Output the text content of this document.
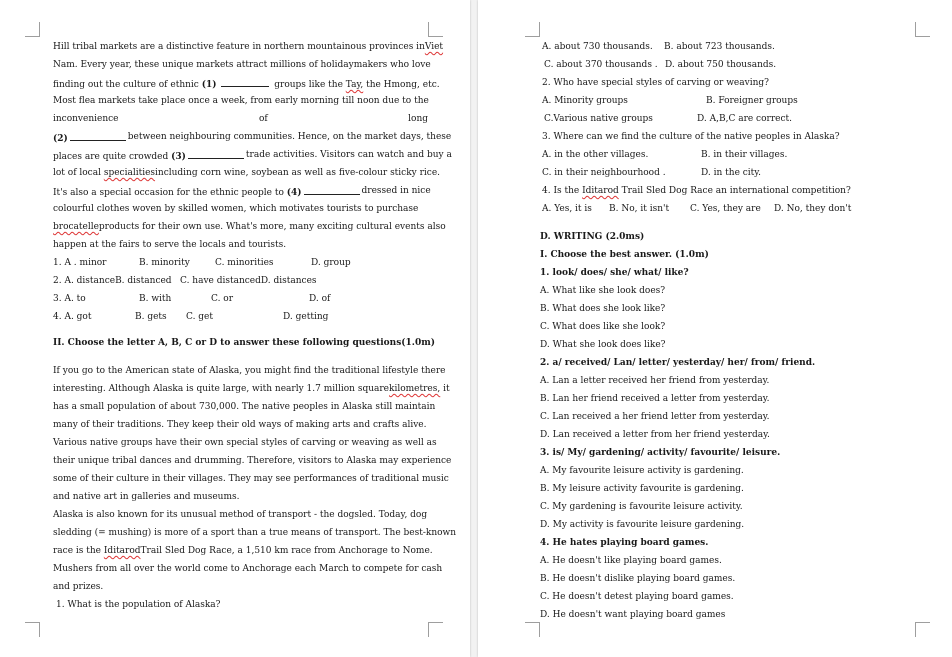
Hill tribal markets are a distinctive feature in northern mountainous provinces in Viet
Nam. Every year, these unique markets attract millions of holidaymakers who love
finding out the culture of ethnic (1)	groups like the Tay, the Hmong, etc.
Most flea markets take place once a week, from early morning till noon due to the
inconvenience	of	long
(2)	between neighbouring communities. Hence, on the market days, these
places are quite crowded (3)	trade activities. Visitors can watch and buy a
lot of local specialities including corn wine, soybean as well as five-colour sticky rice.
It's also a special occasion for the ethnic people to (4)	dressed in nice
colourful clothes woven by skilled women, which motivates tourists to purchase
brocatelle products for their own use. What's more, many exciting cultural events also
happen at the fairs to serve the locals and tourists.
1. A . minor	B. minority	C. minorities	D. group
2. A. distanceB. distanced C. have distancedD. distances
3. A. to	B. with	C. or	D. of
4. A. got	B. gets C. get	D. getting
II. Choose the letter A, B, C or D to answer these following questions(1.0m)
If you go to the American state of Alaska, you might find the traditional lifestyle there
interesting. Although Alaska is quite large, with nearly 1.7 million square kilometres, it
has a small population of about 730,000. The native peoples in Alaska still maintain
many of their traditions. They keep their old ways of making arts and crafts alive.
Various native groups have their own special styles of carving or weaving as well as
their unique tribal dances and drumming. Therefore, visitors to Alaska may experience
some of their culture in their villages. They may see performances of traditional music
and native art in galleries and museums.
Alaska is also known for its unusual method of transport - the dogsled. Today, dog
sledding (= mushing) is more of a sport than a true means of transport. The best-known
race is the Iditarod Trail Sled Dog Race, a 1,510 km race from Anchorage to Nome.
Mushers from all over the world come to Anchorage each March to compete for cash
and prizes.
1. What is the population of Alaska?
A. about 730 thousands. B. about 723 thousands.
C. about 370 thousands . D. about 750 thousands.
2. Who have special styles of carving or weaving?
A. Minority groups	B. Foreigner groups
C.Various native groups	D. A,B,C are correct.
3. Where can we find the culture of the native peoples in Alaska?
A. in the other villages.	B. in their villages.
C. in their neighbourhood .	D. in the city.
4. Is the Iditarod Trail Sled Dog Race an international competition?
A. Yes, it is B. No, it isn't C. Yes, they are D. No, they don't
D. WRITING (2.0ms)
I. Choose the best answer. (1.0m)
1. look/ does/ she/ what/ like?
A. What like she look does?
B. What does she look like?
C. What does like she look?
D. What she look does like?
2. a/ received/ Lan/ letter/ yesterday/ her/ from/ friend.
A. Lan a letter received her friend from yesterday.
B. Lan her friend received a letter from yesterday.
C. Lan received a her friend letter from yesterday.
D. Lan received a letter from her friend yesterday.
3. is/ My/ gardening/ activity/ favourite/ leisure.
A. My favourite leisure activity is gardening.
B. My leisure activity favourite is gardening.
C. My gardening is favourite leisure activity.
D. My activity is favourite leisure gardening.
4. He hates playing board games.
A. He doesn't like playing board games.
B. He doesn't dislike playing board games.
C. He doesn't detest playing board games.
D. He doesn't want playing board games
